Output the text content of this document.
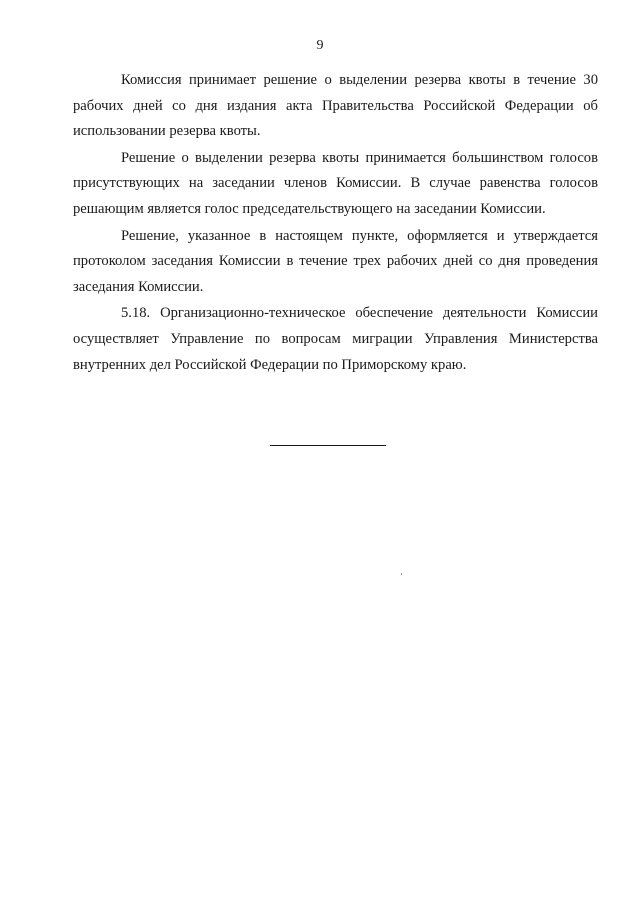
9

Комиссия принимает решение о выделении резерва квоты в течение 30 рабочих дней со дня издания акта Правительства Российской Федерации об использовании резерва квоты.

Решение о выделении резерва квоты принимается большинством голосов присутствующих на заседании членов Комиссии. В случае равенства голосов решающим является голос председательствующего на заседании Комиссии.

Решение, указанное в настоящем пункте, оформляется и утверждается протоколом заседания Комиссии в течение трех рабочих дней со дня проведения заседания Комиссии.

5.18. Организационно-техническое обеспечение деятельности Комиссии осуществляет Управление по вопросам миграции Управления Министерства внутренних дел Российской Федерации по Приморскому краю.
